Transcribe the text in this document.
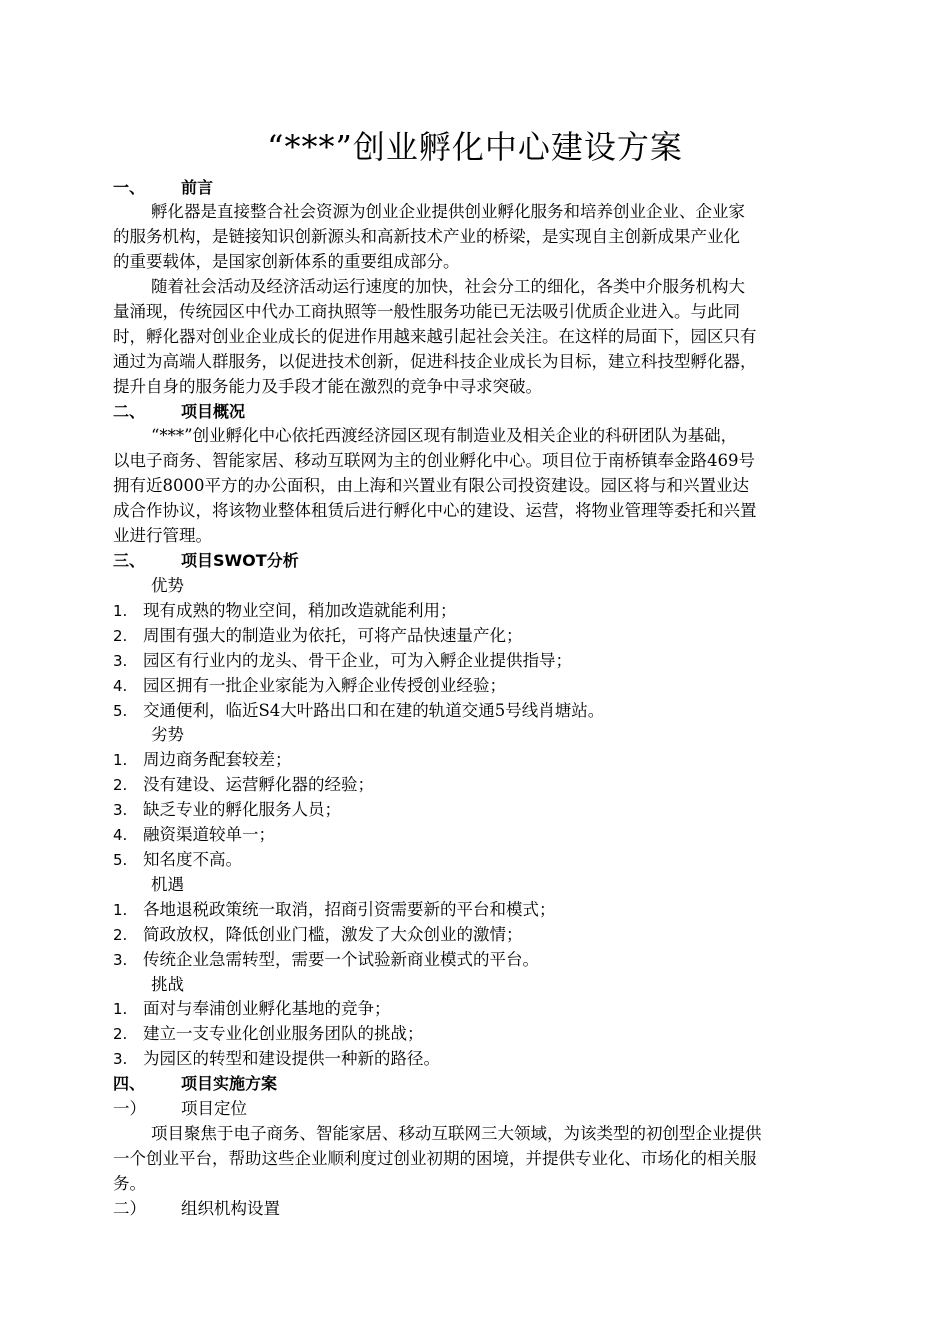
“***”创业孵化中心建设方案
一、 前言
孵化器是直接整合社会资源为创业企业提供创业孵化服务和培养创业企业、企业家
的服务机构，是链接知识创新源头和高新技术产业的桥梁，是实现自主创新成果产业化
的重要载体，是国家创新体系的重要组成部分。
随着社会活动及经济活动运行速度的加快，社会分工的细化，各类中介服务机构大
量涌现，传统园区中代办工商执照等一般性服务功能已无法吸引优质企业进入。与此同
时，孵化器对创业企业成长的促进作用越来越引起社会关注。在这样的局面下，园区只有
通过为高端人群服务，以促进技术创新，促进科技企业成长为目标，建立科技型孵化器，
提升自身的服务能力及手段才能在激烈的竞争中寻求突破。
二、 项目概况
“***”创业孵化中心依托西渡经济园区现有制造业及相关企业的科研团队为基础，
以电子商务、智能家居、移动互联网为主的创业孵化中心。项目位于南桥镇奉金路469号
拥有近8000平方的办公面积，由上海和兴置业有限公司投资建设。园区将与和兴置业达
成合作协议，将该物业整体租赁后进行孵化中心的建设、运营，将物业管理等委托和兴置
业进行管理。
三、 项目SWOT分析
优势
1. 现有成熟的物业空间，稍加改造就能利用；
2. 周围有强大的制造业为依托，可将产品快速量产化；
3. 园区有行业内的龙头、骨干企业，可为入孵企业提供指导；
4. 园区拥有一批企业家能为入孵企业传授创业经验；
5. 交通便利，临近S4大叶路出口和在建的轨道交通5号线肖塘站。
劣势
1. 周边商务配套较差；
2. 没有建设、运营孵化器的经验；
3. 缺乏专业的孵化服务人员；
4. 融资渠道较单一；
5. 知名度不高。
机遇
1. 各地退税政策统一取消，招商引资需要新的平台和模式；
2. 简政放权，降低创业门槛，激发了大众创业的激情；
3. 传统企业急需转型，需要一个试验新商业模式的平台。
挑战
1. 面对与奉浦创业孵化基地的竞争；
2. 建立一支专业化创业服务团队的挑战；
3. 为园区的转型和建设提供一种新的路径。
四、 项目实施方案
一） 项目定位
项目聚焦于电子商务、智能家居、移动互联网三大领域，为该类型的初创型企业提供
一个创业平台，帮助这些企业顺利度过创业初期的困境，并提供专业化、市场化的相关服
务。
二） 组织机构设置
